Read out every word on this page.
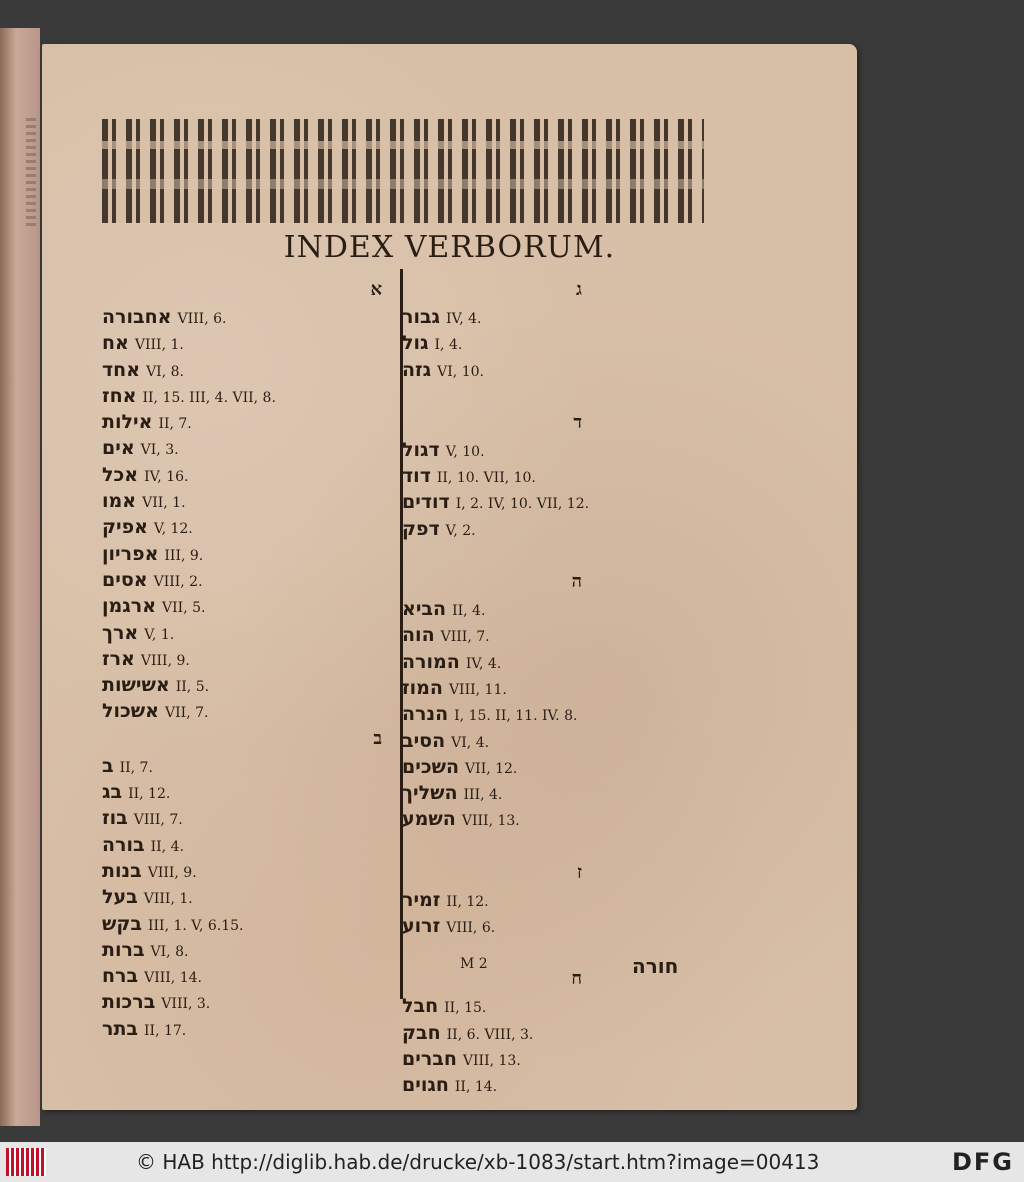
INDEX VERBORUM.
א
אחבורה VIII, 6.
אח VIII, 1.
אחד VI, 8.
אחז II, 15. III, 4. VII, 8.
אילות II, 7.
אים VI, 3.
אכל IV, 16.
אמו VII, 1.
אפיק V, 12.
אפריון III, 9.
אסים VIII, 2.
ארגמן VII, 5.
ארך V, 1.
ארז VIII, 9.
אשישות II, 5.
אשכול VII, 7.
ב
ב II, 7.
בג II, 12.
בוז VIII, 7.
בורה II, 4.
בנות VIII, 9.
בעל VIII, 1.
בקש III, 1. V, 6.15.
ברות VI, 8.
ברח VIII, 14.
ברכות VIII, 3.
בתר II, 17.
ג
גבור IV, 4.
גול I, 4.
גזה VI, 10.
ד
דגול V, 10.
דוד II, 10. VII, 10.
דודים I, 2. IV, 10. VII, 12.
דפק V, 2.
ה
הביא II, 4.
הוה VIII, 7.
המורה IV, 4.
המוז VIII, 11.
הנרה I, 15. II, 11. IV. 8.
הסיב VI, 4.
השכים VII, 12.
השליך III, 4.
השמע VIII, 13.
ז
זמיר II, 12.
זרוע VIII, 6.
ח
חבל II, 15.
חבק II, 6. VIII, 3.
חברים VIII, 13.
חגוים II, 14.
M 2	חורה
© HAB http://diglib.hab.de/drucke/xb-1083/start.htm?image=00413	DFG
